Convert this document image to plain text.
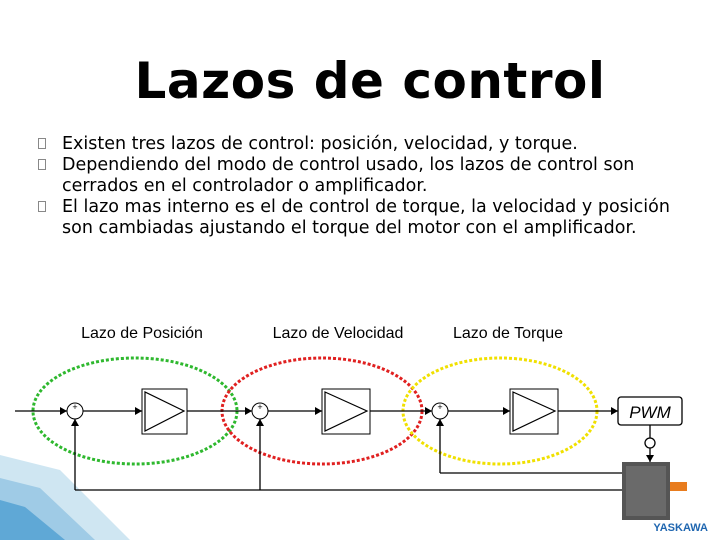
Lazos de control
Existen tres lazos de control: posición, velocidad, y torque.
Dependiendo del modo de control usado, los lazos de control son cerrados en el controlador o amplificador.
El lazo mas interno es el de control de torque, la velocidad y posición son cambiadas ajustando el torque del motor con el amplificador.
Lazo de Posición	Lazo de Velocidad	Lazo de Torque
+
-
+
-
+
-	PWM
YASKAWA
